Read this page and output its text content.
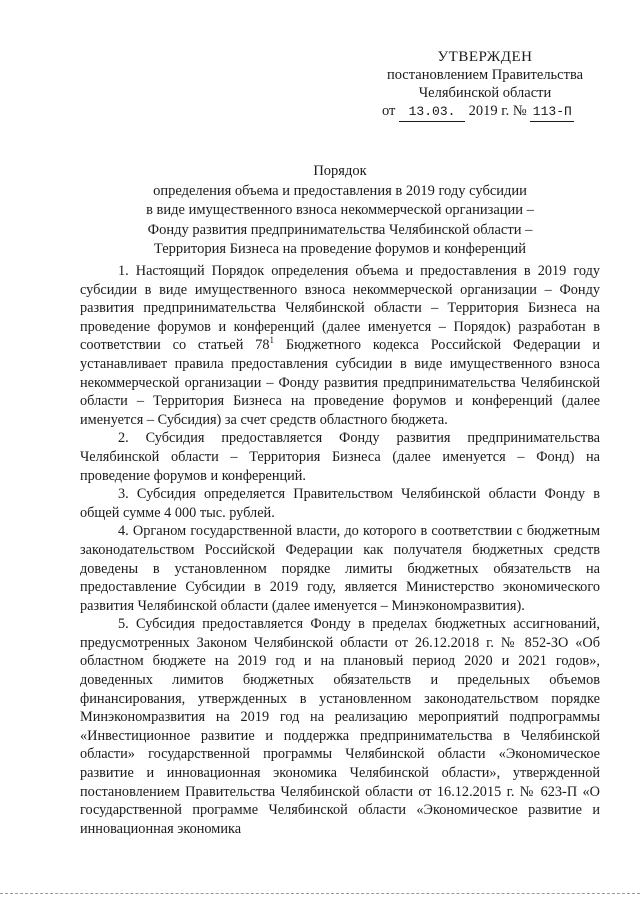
УТВЕРЖДЕН
постановлением Правительства
Челябинской области
от 13.03. 2019 г. № 113-П
Порядок
определения объема и предоставления в 2019 году субсидии
в виде имущественного взноса некоммерческой организации –
Фонду развития предпринимательства Челябинской области –
Территория Бизнеса на проведение форумов и конференций

1. Настоящий Порядок определения объема и предоставления в 2019 году субсидии в виде имущественного взноса некоммерческой организации – Фонду развития предпринимательства Челябинской области – Территория Бизнеса на проведение форумов и конференций (далее именуется – Порядок) разработан в соответствии со статьей $78^1$ Бюджетного кодекса Российской Федерации и устанавливает правила предоставления субсидии в виде имущественного взноса некоммерческой организации – Фонду развития предпринимательства Челябинской области – Территория Бизнеса на проведение форумов и конференций (далее именуется – Субсидия) за счет средств областного бюджета.

2. Субсидия предоставляется Фонду развития предпринимательства Челябинской области – Территория Бизнеса (далее именуется – Фонд) на проведение форумов и конференций.

3. Субсидия определяется Правительством Челябинской области Фонду в общей сумме 4 000 тыс. рублей.

4. Органом государственной власти, до которого в соответствии с бюджетным законодательством Российской Федерации как получателя бюджетных средств доведены в установленном порядке лимиты бюджетных обязательств на предоставление Субсидии в 2019 году, является Министерство экономического развития Челябинской области (далее именуется – Минэкономразвития).

5. Субсидия предоставляется Фонду в пределах бюджетных ассигнований, предусмотренных Законом Челябинской области от 26.12.2018 г. № 852-ЗО «Об областном бюджете на 2019 год и на плановый период 2020 и 2021 годов», доведенных лимитов бюджетных обязательств и предельных объемов финансирования, утвержденных в установленном законодательством порядке Минэкономразвития на 2019 год на реализацию мероприятий подпрограммы «Инвестиционное развитие и поддержка предпринимательства в Челябинской области» государственной программы Челябинской области «Экономическое развитие и инновационная экономика Челябинской области», утвержденной постановлением Правительства Челябинской области от 16.12.2015 г. № 623-П «О государственной программе Челябинской области «Экономическое развитие и инновационная экономика
